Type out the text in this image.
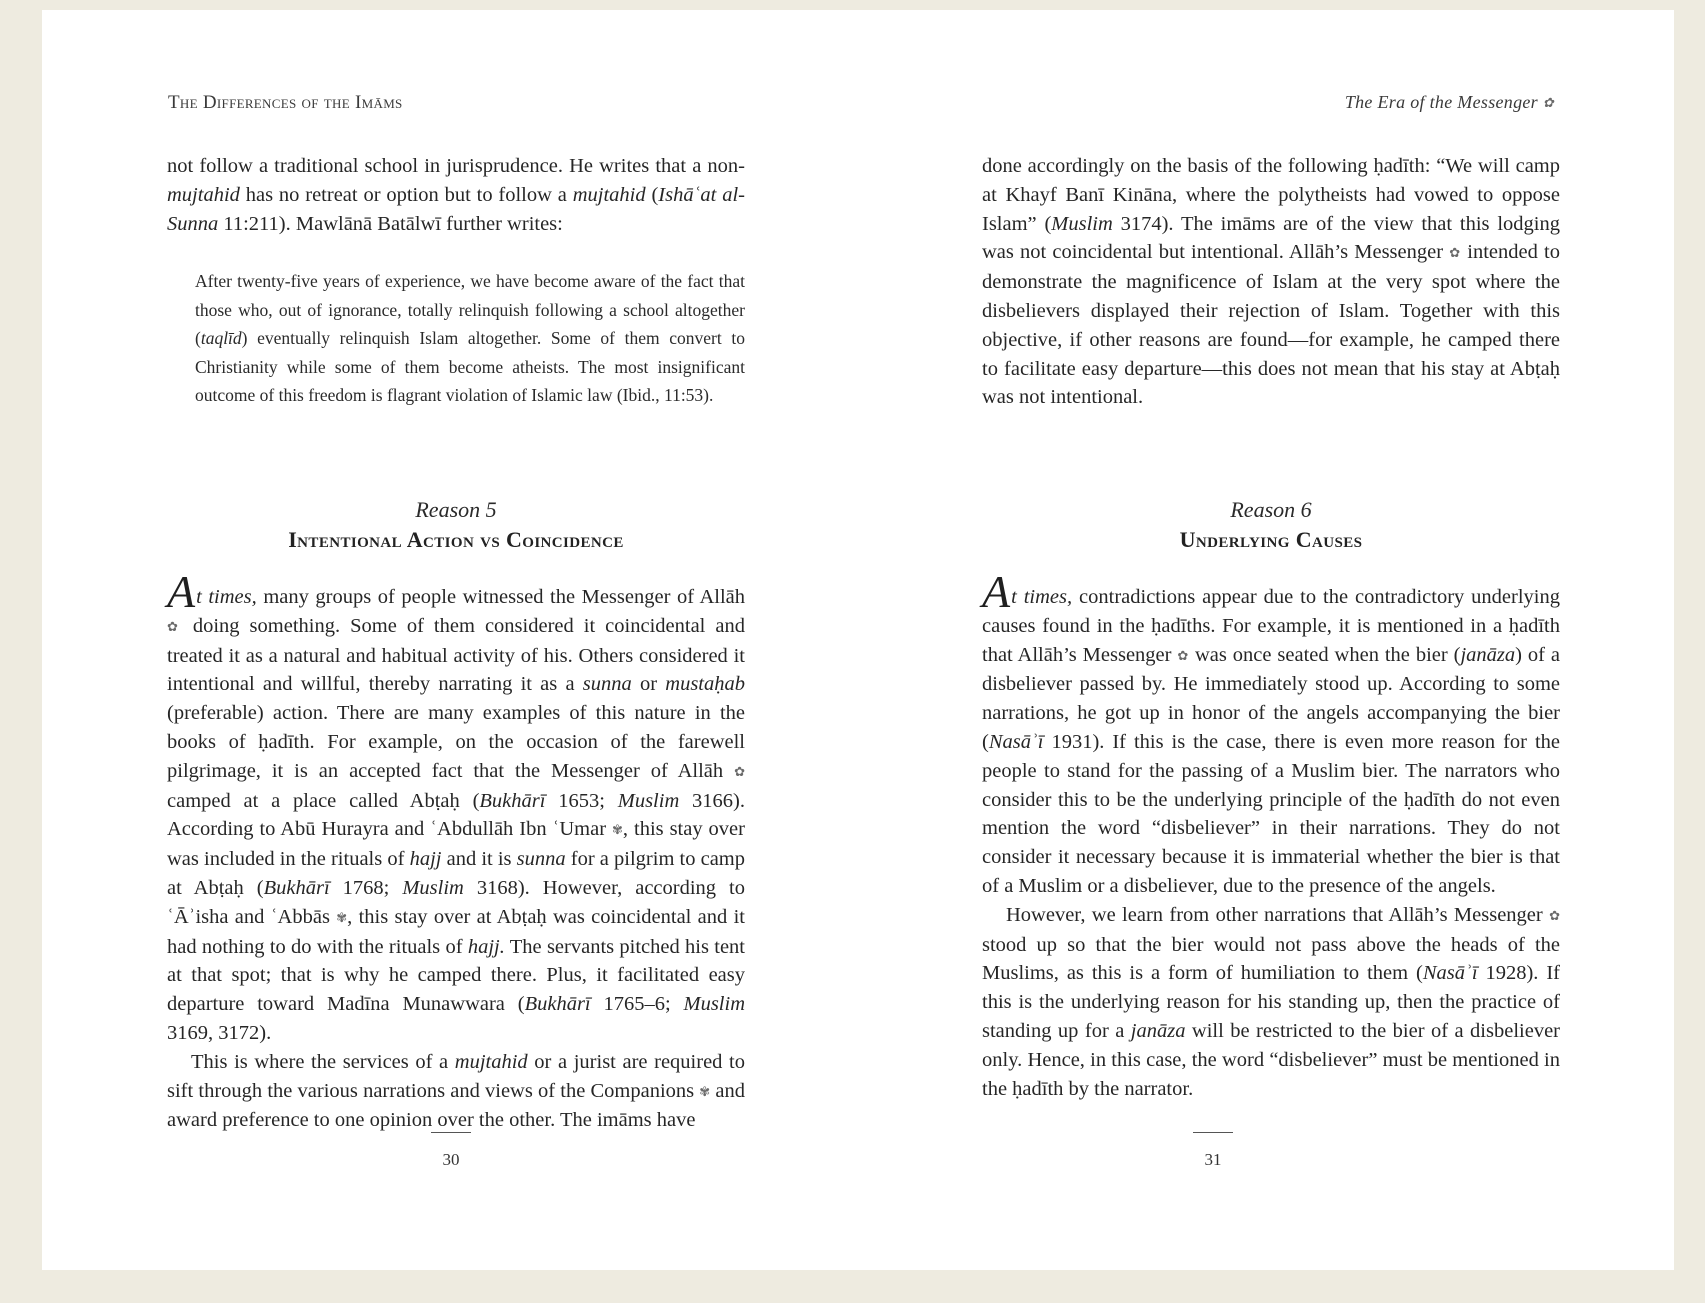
The Differences of the Imāms

not follow a traditional school in jurisprudence. He writes that a non-mujtahid has no retreat or option but to follow a mujtahid (Ishāʿat al-Sunna 11:211). Mawlānā Batālwī further writes:

After twenty-five years of experience, we have become aware of the fact that those who, out of ignorance, totally relinquish following a school altogether (taqlīd) eventually relinquish Islam altogether. Some of them convert to Christianity while some of them become atheists. The most insignificant outcome of this freedom is flagrant violation of Islamic law (Ibid., 11:53).
Reason 5
Intentional Action vs Coincidence

At times, many groups of people witnessed the Messenger of Allāh ✿ doing something. Some of them considered it coincidental and treated it as a natural and habitual activity of his. Others considered it intentional and willful, thereby narrating it as a sunna or mustaḥab (preferable) action. There are many examples of this nature in the books of ḥadīth. For example, on the occasion of the farewell pilgrimage, it is an accepted fact that the Messenger of Allāh ✿ camped at a place called Abṭaḥ (Bukhārī 1653; Muslim 3166). According to Abū Hurayra and ʿAbdullāh Ibn ʿUmar ✾, this stay over was included in the rituals of hajj and it is sunna for a pilgrim to camp at Abṭaḥ (Bukhārī 1768; Muslim 3168). However, according to ʿĀʾisha and ʿAbbās ✾, this stay over at Abṭaḥ was coincidental and it had nothing to do with the rituals of hajj. The servants pitched his tent at that spot; that is why he camped there. Plus, it facilitated easy departure toward Madīna Munawwara (Bukhārī 1765–6; Muslim 3169, 3172).

This is where the services of a mujtahid or a jurist are required to sift through the various narrations and views of the Companions ✾ and award preference to one opinion over the other. The imāms have

30
The Era of the Messenger ✿

done accordingly on the basis of the following ḥadīth: “We will camp at Khayf Banī Kināna, where the polytheists had vowed to oppose Islam” (Muslim 3174). The imāms are of the view that this lodging was not coincidental but intentional. Allāh’s Messenger ✿ intended to demonstrate the magnificence of Islam at the very spot where the disbelievers displayed their rejection of Islam. Together with this objective, if other reasons are found—for example, he camped there to facilitate easy departure—this does not mean that his stay at Abṭaḥ was not intentional.

Reason 6
Underlying Causes

At times, contradictions appear due to the contradictory underlying causes found in the ḥadīths. For example, it is mentioned in a ḥadīth that Allāh’s Messenger ✿ was once seated when the bier (janāza) of a disbeliever passed by. He immediately stood up. According to some narrations, he got up in honor of the angels accompanying the bier (Nasāʾī 1931). If this is the case, there is even more reason for the people to stand for the passing of a Muslim bier. The narrators who consider this to be the underlying principle of the ḥadīth do not even mention the word “disbeliever” in their narrations. They do not consider it necessary because it is immaterial whether the bier is that of a Muslim or a disbeliever, due to the presence of the angels.

However, we learn from other narrations that Allāh’s Messenger ✿ stood up so that the bier would not pass above the heads of the Muslims, as this is a form of humiliation to them (Nasāʾī 1928). If this is the underlying reason for his standing up, then the practice of standing up for a janāza will be restricted to the bier of a disbeliever only. Hence, in this case, the word “disbeliever” must be mentioned in the ḥadīth by the narrator.

31
